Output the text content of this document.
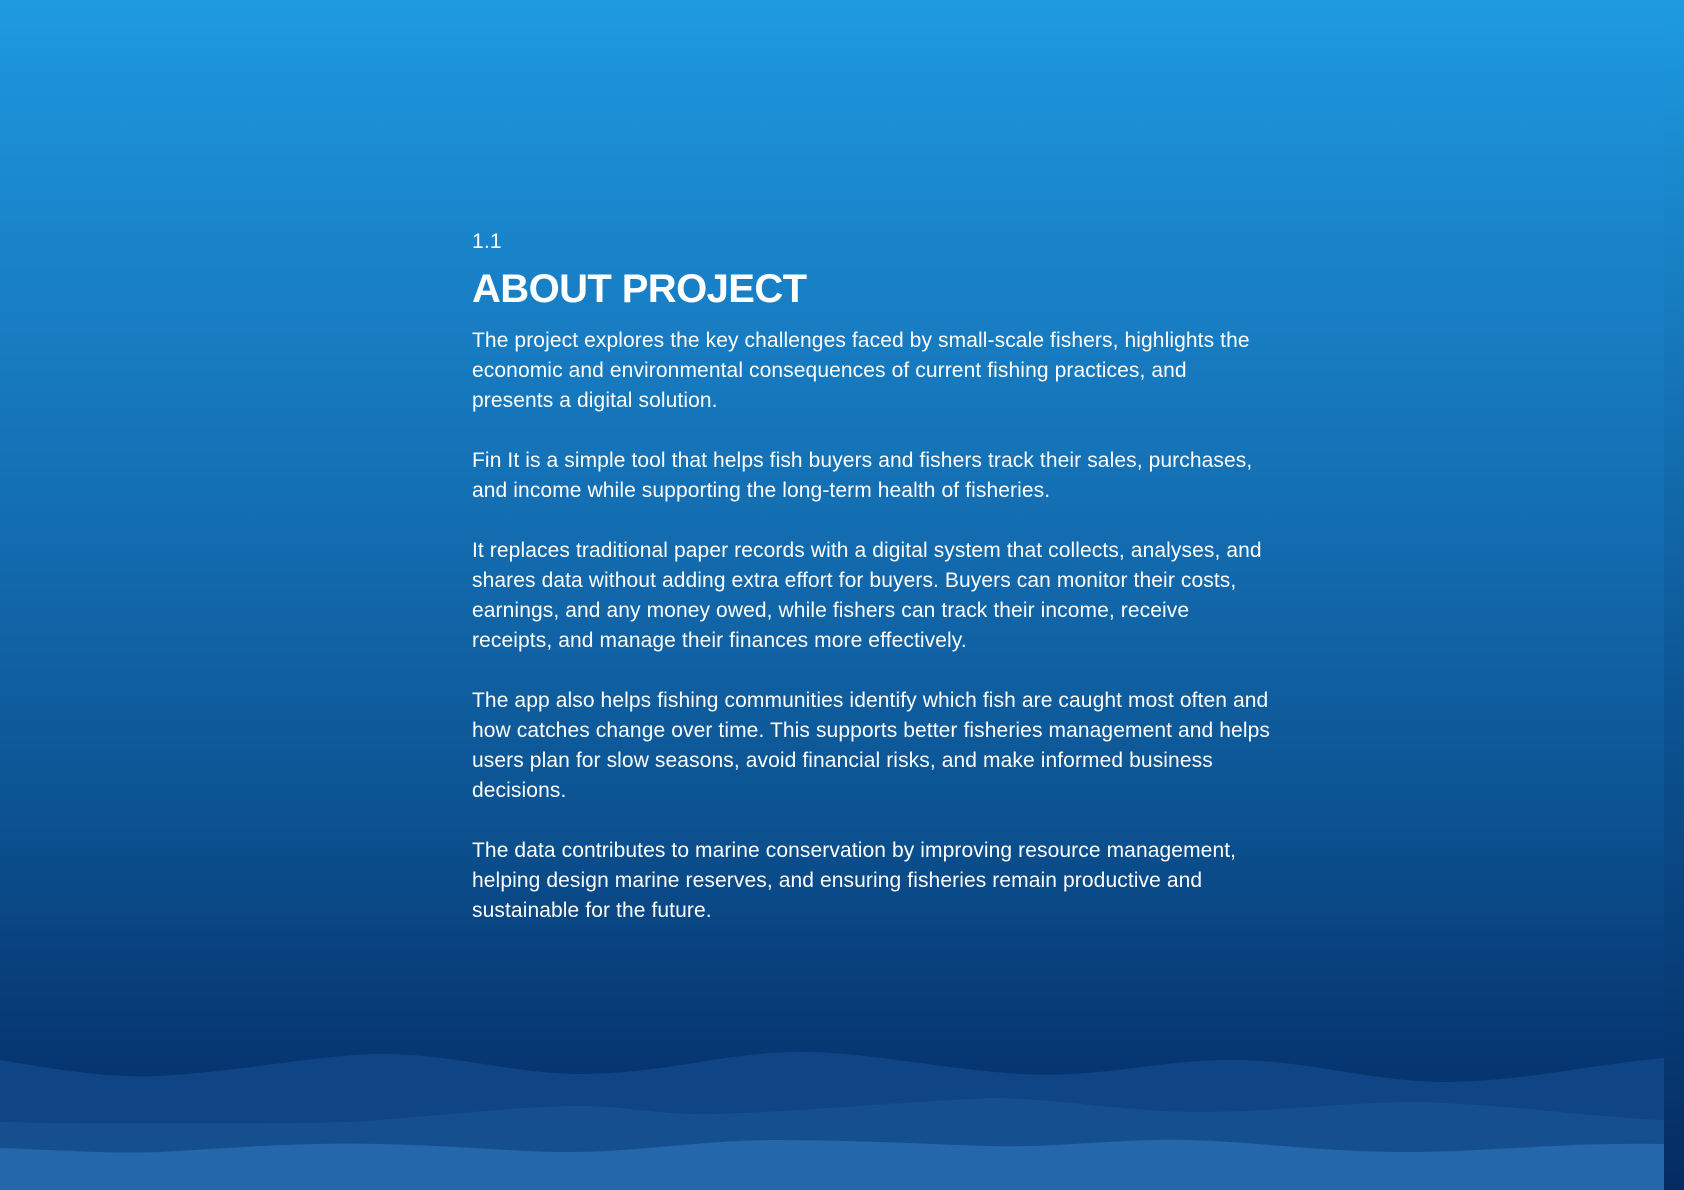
1.1
ABOUT PROJECT

The project explores the key challenges faced by small-scale fishers, highlights the economic and environmental consequences of current fishing practices, and presents a digital solution.

Fin It is a simple tool that helps fish buyers and fishers track their sales, purchases, and income while supporting the long-term health of fisheries.

It replaces traditional paper records with a digital system that collects, analyses, and shares data without adding extra effort for buyers. Buyers can monitor their costs, earnings, and any money owed, while fishers can track their income, receive receipts, and manage their finances more effectively.

The app also helps fishing communities identify which fish are caught most often and how catches change over time. This supports better fisheries management and helps users plan for slow seasons, avoid financial risks, and make informed business decisions.

The data contributes to marine conservation by improving resource management, helping design marine reserves, and ensuring fisheries remain productive and sustainable for the future.
